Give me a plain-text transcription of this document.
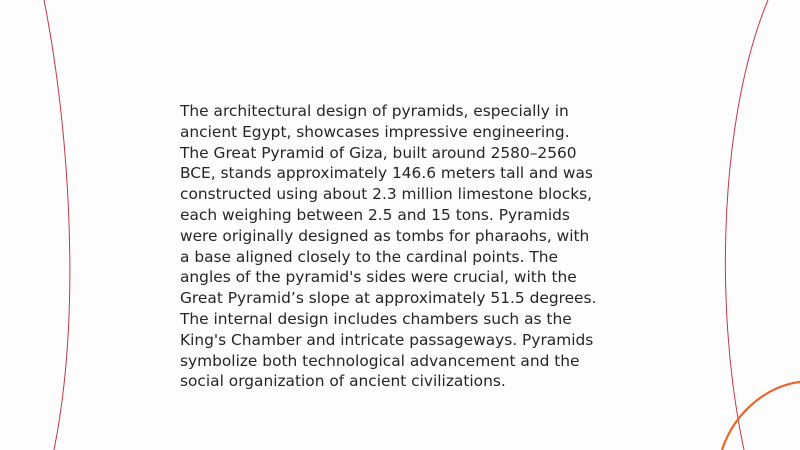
The architectural design of pyramids, especially in
ancient Egypt, showcases impressive engineering.
The Great Pyramid of Giza, built around 2580–2560
BCE, stands approximately 146.6 meters tall and was
constructed using about 2.3 million limestone blocks,
each weighing between 2.5 and 15 tons. Pyramids
were originally designed as tombs for pharaohs, with
a base aligned closely to the cardinal points. The
angles of the pyramid's sides were crucial, with the
Great Pyramid’s slope at approximately 51.5 degrees.
The internal design includes chambers such as the
King's Chamber and intricate passageways. Pyramids
symbolize both technological advancement and the
social organization of ancient civilizations.
